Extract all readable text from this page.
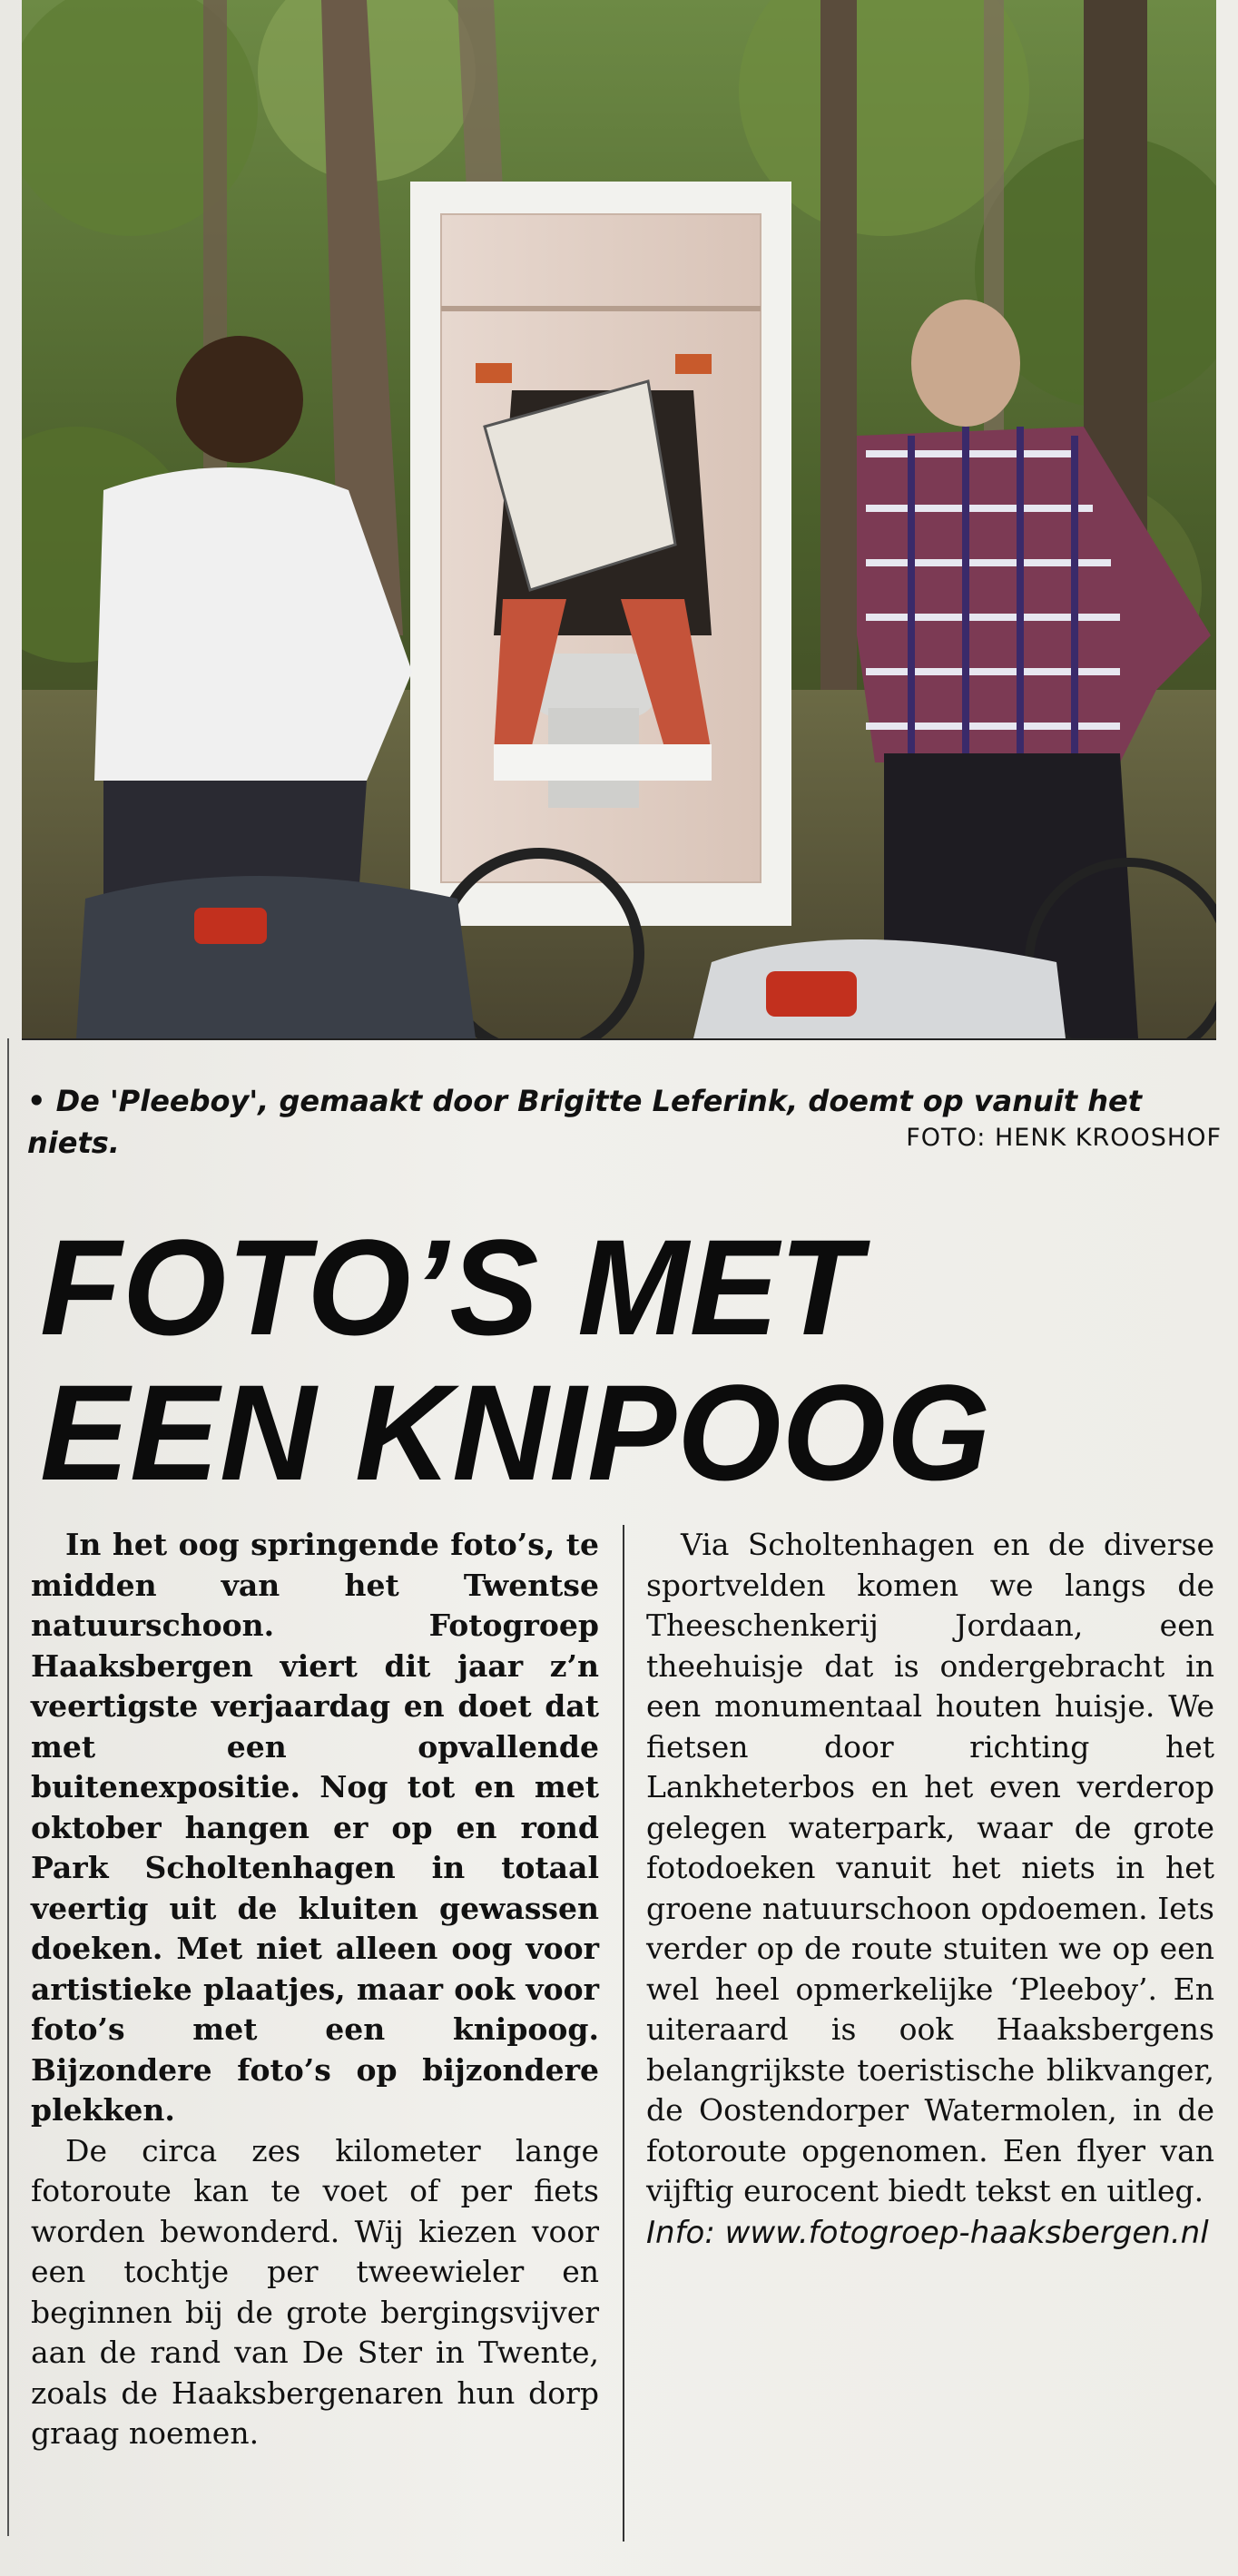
• De 'Pleeboy', gemaakt door Brigitte Leferink, doemt op vanuit het niets.	FOTO: HENK KROOSHOF
FOTO’S MET
EEN KNIPOOG

In het oog springende foto’s, te midden van het Twentse natuurschoon. Fotogroep Haaksbergen viert dit jaar z’n veertigste verjaardag en doet dat met een opvallende buitenexpositie. Nog tot en met oktober hangen er op en rond Park Scholtenhagen in totaal veertig uit de kluiten gewassen doeken. Met niet alleen oog voor artistieke plaatjes, maar ook voor foto’s met een knipoog. Bijzondere foto’s op bijzondere plekken.

De circa zes kilometer lange fotoroute kan te voet of per fiets worden bewonderd. Wij kiezen voor een tochtje per tweewieler en beginnen bij de grote bergingsvijver aan de rand van De Ster in Twente, zoals de Haaksbergenaren hun dorp graag noemen.

Via Scholtenhagen en de diverse sportvelden komen we langs de Theeschenkerij Jordaan, een theehuisje dat is ondergebracht in een monumentaal houten huisje. We fietsen door richting het Lankheterbos en het even verderop gelegen waterpark, waar de grote fotodoeken vanuit het niets in het groene natuurschoon opdoemen. Iets verder op de route stuiten we op een wel heel opmerkelijke ‘Pleeboy’. En uiteraard is ook Haaksbergens belangrijkste toeristische blikvanger, de Oostendorper Watermolen, in de fotoroute opgenomen. Een flyer van vijftig eurocent biedt tekst en uitleg.

Info: www.fotogroep-haaksbergen.nl
